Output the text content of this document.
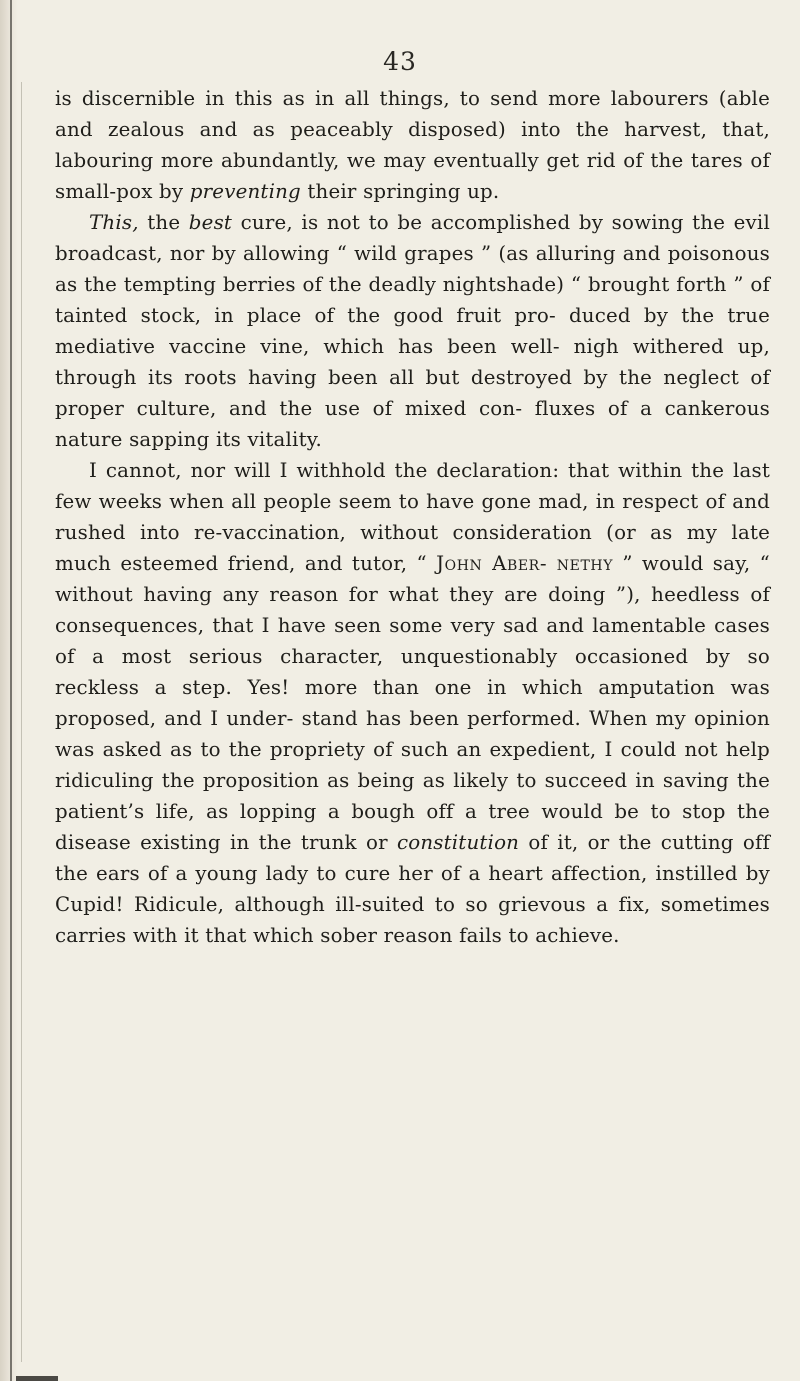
43

is discernible in this as in all things, to send more labourers (able and zealous and as peaceably disposed) into the harvest, that, labouring more abundantly, we may eventually get rid of the tares of small-pox by preventing their springing up.

This, the best cure, is not to be accomplished by sowing the evil broadcast, nor by allowing “ wild grapes ” (as alluring and poisonous as the tempting berries of the deadly nightshade) “ brought forth ” of tainted stock, in place of the good fruit pro- duced by the true mediative vaccine vine, which has been well- nigh withered up, through its roots having been all but destroyed by the neglect of proper culture, and the use of mixed con- fluxes of a cankerous nature sapping its vitality.

I cannot, nor will I withhold the declaration: that within the last few weeks when all people seem to have gone mad, in respect of and rushed into re-vaccination, without consideration (or as my late much esteemed friend, and tutor, “ John Aber- nethy ” would say, “ without having any reason for what they are doing ”), heedless of consequences, that I have seen some very sad and lamentable cases of a most serious character, unquestionably occasioned by so reckless a step. Yes! more than one in which amputation was proposed, and I under- stand has been performed. When my opinion was asked as to the propriety of such an expedient, I could not help ridiculing the proposition as being as likely to succeed in saving the patient’s life, as lopping a bough off a tree would be to stop the disease existing in the trunk or constitution of it, or the cutting off the ears of a young lady to cure her of a heart affection, instilled by Cupid! Ridicule, although ill-suited to so grievous a fix, sometimes carries with it that which sober reason fails to achieve.
